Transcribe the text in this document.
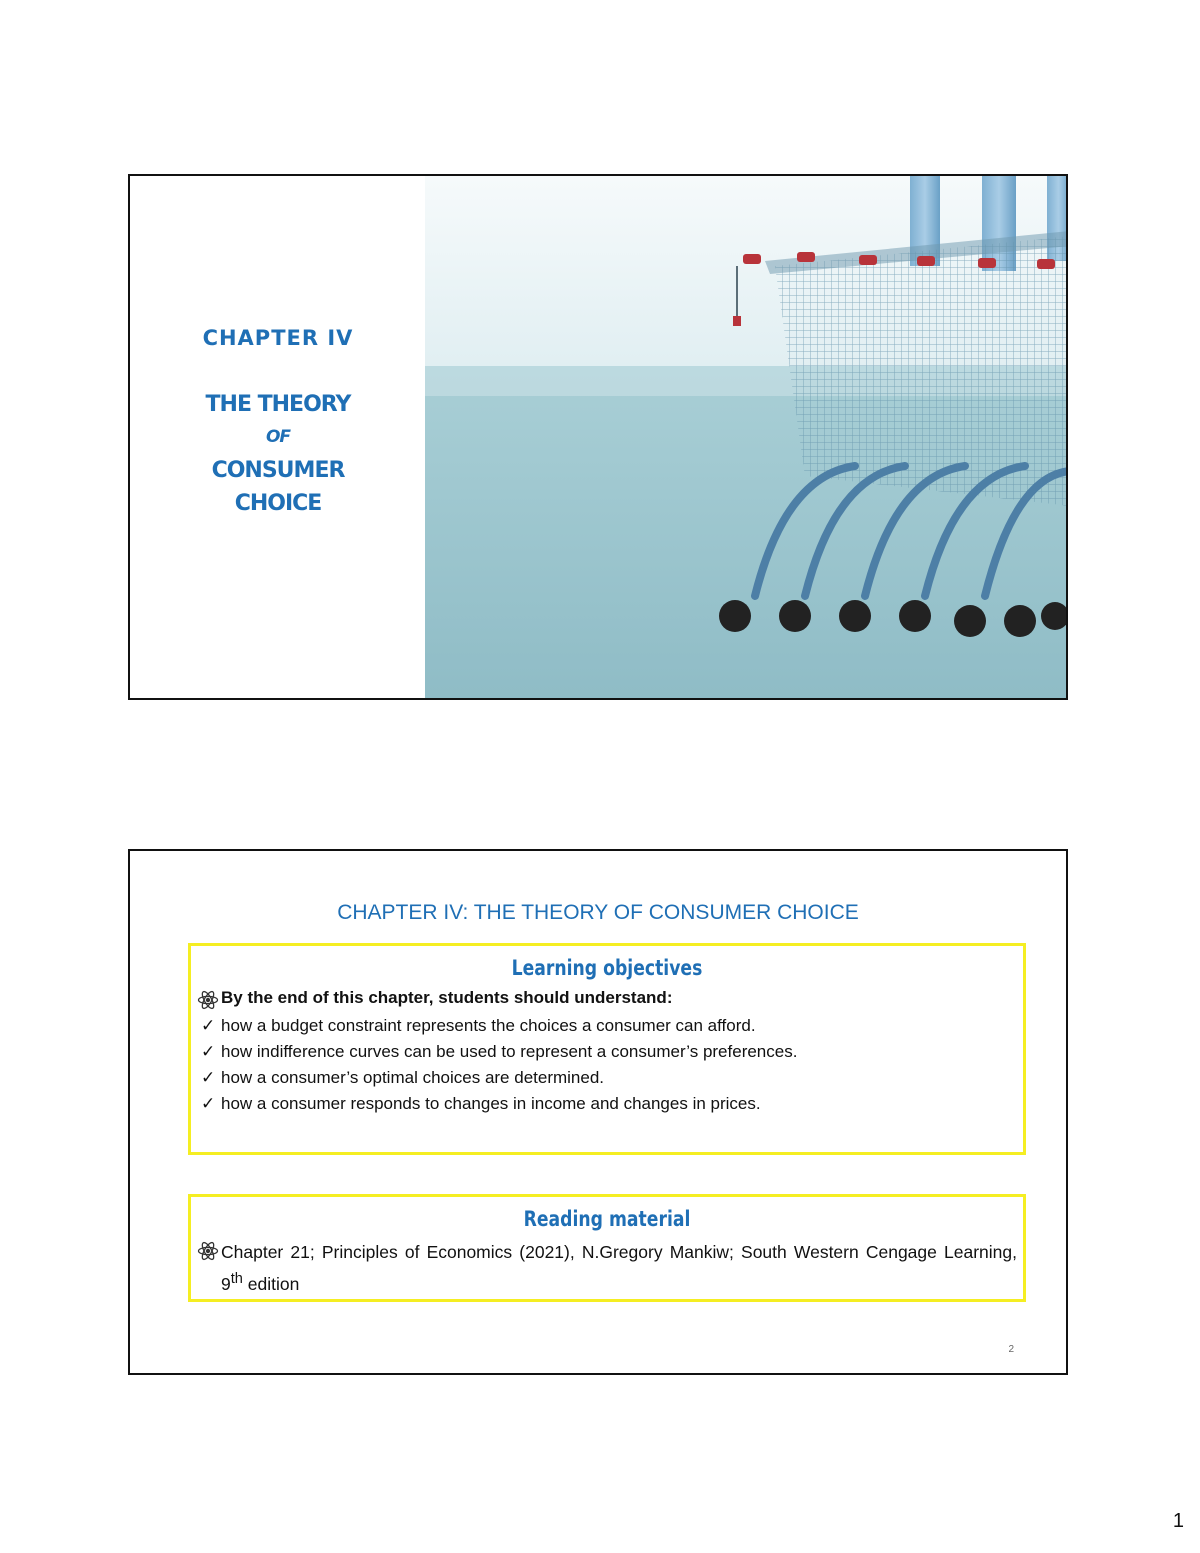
CHAPTER IV
THE THEORY
OF
CONSUMER
CHOICE
CHAPTER IV: THE THEORY OF CONSUMER CHOICE
Learning objectives
By the end of this chapter, students should understand:
✓ how a budget constraint represents the choices a consumer can afford.
✓ how indifference curves can be used to represent a consumer’s preferences.
✓ how a consumer’s optimal choices are determined.
✓ how a consumer responds to changes in income and changes in prices.
Reading material
Chapter 21; Principles of Economics (2021), N.Gregory Mankiw; South Western Cengage Learning, 9th edition
2
1
